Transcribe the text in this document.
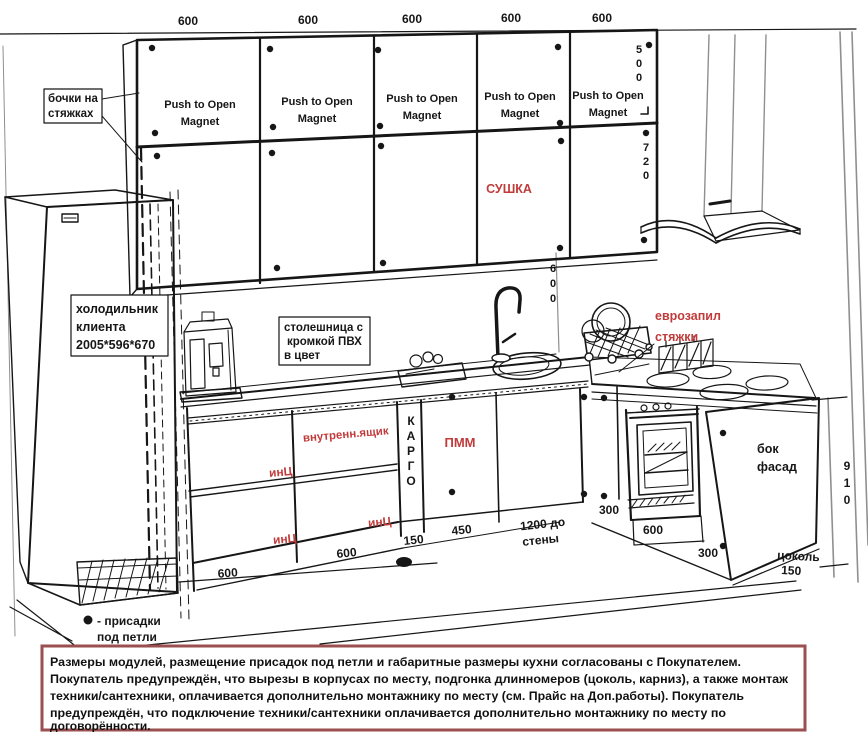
600	600	600	600	600
Push to Open
Magnet
Push to Open
Magnet
Push to Open
Magnet
Push to Open
Magnet
Push to Open
Magnet
СУШКА
5
0
0
7
2
0
6
0
0
бочки на
стяжках
холодильник
клиента
2005*596*670
столешница с
кромкой ПВХ
в цвет
еврозапил
стяжки
внутренн.ящик
инЦ
инЦ
инЦ
К
А
Р
Г
О
ПММ
150
450	1200 до
стены
600
600
бок
фасад
300
600
300	цоколь
150
9
1
0
- присадки
под петли
Размеры модулей, размещение присадок под петли и габаритные размеры кухни согласованы с Покупателем.
Покупатель предупреждён, что вырезы в корпусах по месту, подгонка длинномеров (цоколь, карниз), а также монтаж
техники/сантехники, оплачивается дополнительно монтажнику по месту (см. Прайс на Доп.работы). Покупатель
предупреждён, что подключение техники/сантехники оплачивается дополнительно монтажнику по месту по
договорённости.
